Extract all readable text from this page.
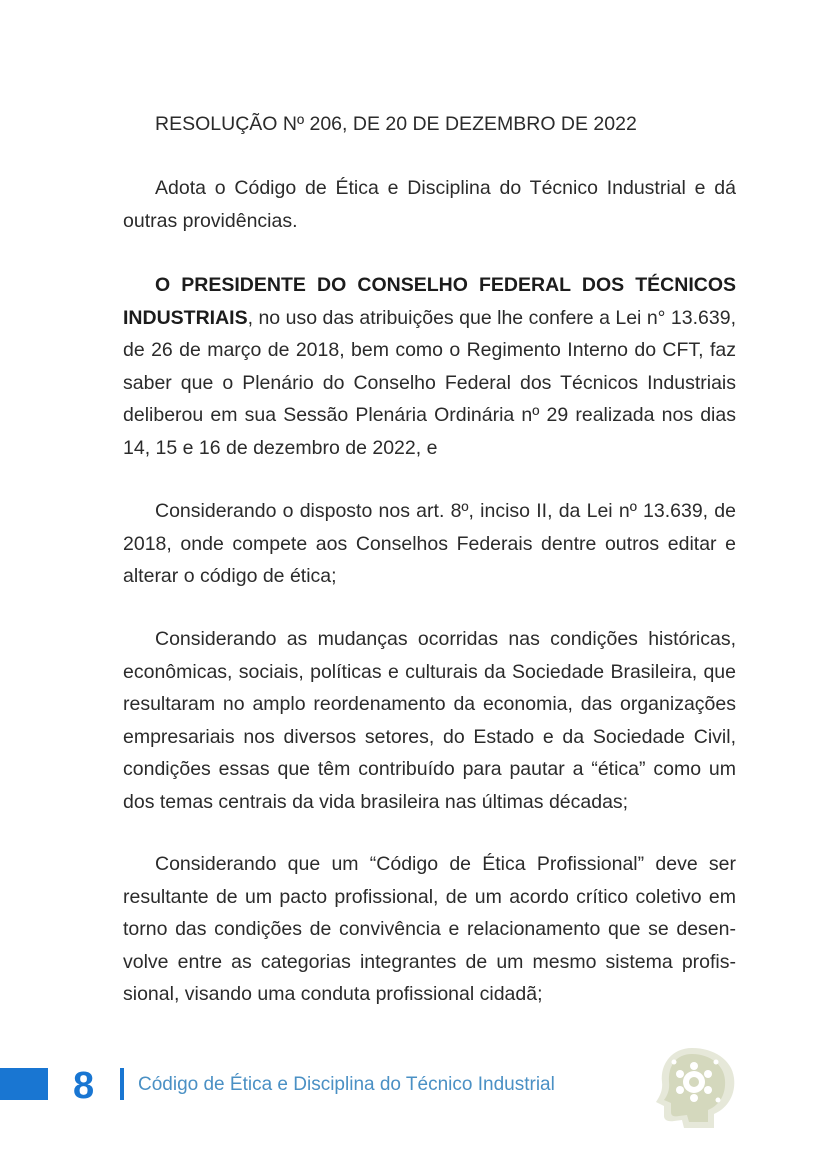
RESOLUÇÃO Nº 206, DE 20 DE DEZEMBRO DE 2022
Adota o Código de Ética e Disciplina do Técnico Industrial e dá
outras providências.
O PRESIDENTE DO CONSELHO FEDERAL DOS TÉCNICOS
INDUSTRIAIS, no uso das atribuições que lhe confere a Lei n° 13.639,
de 26 de março de 2018, bem como o Regimento Interno do CFT, faz
saber que o Plenário do Conselho Federal dos Técnicos Industriais
deliberou em sua Sessão Plenária Ordinária nº 29 realizada nos dias
14, 15 e 16 de dezembro de 2022, e
Considerando o disposto nos art. 8º, inciso II, da Lei nº 13.639, de
2018, onde compete aos Conselhos Federais dentre outros editar e
alterar o código de ética;
Considerando as mudanças ocorridas nas condições históricas,
econômicas, sociais, políticas e culturais da Sociedade Brasileira, que
resultaram no amplo reordenamento da economia, das organizações
empresariais nos diversos setores, do Estado e da Sociedade Civil,
condições essas que têm contribuído para pautar a “ética” como um
dos temas centrais da vida brasileira nas últimas décadas;
Considerando que um “Código de Ética Profissional” deve ser
resultante de um pacto profissional, de um acordo crítico coletivo em
torno das condições de convivência e relacionamento que se desen-
volve entre as categorias integrantes de um mesmo sistema profis-
sional, visando uma conduta profissional cidadã;
8 Código de Ética e Disciplina do Técnico Industrial
